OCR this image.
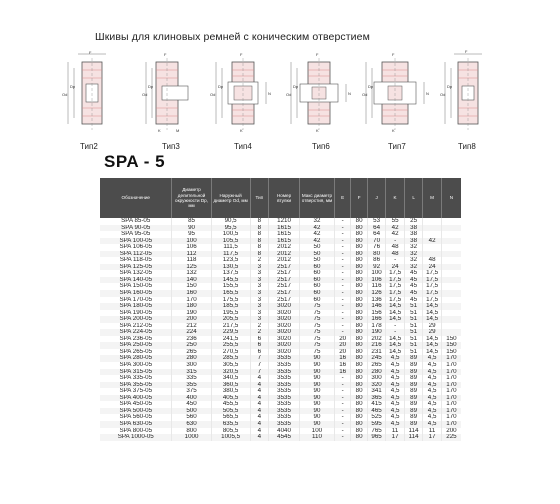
Шкивы для клиновых ремней с коническим отверстием
F
Od
Dp
Тип2
F
Od
Dp
K	M
Тип3
F
Od
Dp
N
K
Тип4
F
Od
Dp
N
K
Тип6
F
Od
Dp
N
K
Тип7
F
Od
Dp
Тип8
SPA - 5
Обозначение	Диаметр делительной окружности Dp, мм	Наружный диаметр Od, мм	Тип	Номер втулки	Макс диаметр отверстия, мм	E	F	J	K	L	M	N
SPA 85-05	85	90,5	8	1210	32	-	80	53	55	25		
SPA 90-05	90	95,5	8	1615	42	-	80	64	42	38		
SPA 95-05	95	100,5	8	1615	42	-	80	64	42	38		
SPA 100-05	100	105,5	8	1615	42	-	80	70	-	38	42	
SPA 106-05	106	111,5	8	2012	50	-	80	76	48	32		
SPA 112-05	112	117,5	8	2012	50	-	80	80	48	32		
SPA 118-05	118	123,5	2	2012	50	-	80	86	-	32	48	
SPA 125-05	125	130,5	3	2517	60	-	80	92	24	32	24	
SPA 132-05	132	137,5	3	2517	60	-	80	100	17,5	45	17,5	
SPA 140-05	140	145,5	3	2517	60	-	80	106	17,5	45	17,5	
SPA 150-05	150	155,5	3	2517	60	-	80	116	17,5	45	17,5	
SPA 160-05	160	165,5	3	2517	60	-	80	126	17,5	45	17,5	
SPA 170-05	170	175,5	3	2517	60	-	80	136	17,5	45	17,5	
SPA 180-05	180	185,5	3	3020	75	-	80	146	14,5	51	14,5	
SPA 190-05	190	195,5	3	3020	75	-	80	156	14,5	51	14,5	
SPA 200-05	200	205,5	3	3020	75	-	80	166	14,5	51	14,5	
SPA 212-05	212	217,5	2	3020	75	-	80	178	-	51	29	
SPA 224-05	224	229,5	2	3020	75	-	80	190	-	51	29	
SPA 236-05	236	241,5	6	3020	75	20	80	202	14,5	51	14,5	150
SPA 250-05	250	255,5	6	3020	75	20	80	216	14,5	51	14,5	150
SPA 265-05	265	270,5	6	3020	75	20	80	231	14,5	51	14,5	150
SPA 280-05	280	285,5	7	3535	90	16	80	245	4,5	89	4,5	170
SPA 300-05	300	305,5	7	3535	90	16	80	265	4,5	89	4,5	170
SPA 315-05	315	320,5	7	3535	90	16	80	280	4,5	89	4,5	170
SPA 335-05	335	340,5	4	3535	90	-	80	300	4,5	89	4,5	170
SPA 355-05	355	360,5	4	3535	90	-	80	320	4,5	89	4,5	170
SPA 375-05	375	380,5	4	3535	90	-	80	341	4,5	89	4,5	170
SPA 400-05	400	405,5	4	3535	90	-	80	365	4,5	89	4,5	170
SPA 450-05	450	455,5	4	3535	90	-	80	415	4,5	89	4,5	170
SPA 500-05	500	505,5	4	3535	90	-	80	465	4,5	89	4,5	170
SPA 560-05	560	565,5	4	3535	90	-	80	525	4,5	89	4,5	170
SPA 630-05	630	635,5	4	3535	90	-	80	595	4,5	89	4,5	170
SPA 800-05	800	805,5	4	4040	100	-	80	765	11	114	11	200
SPA 1000-05	1000	1005,5	4	4545	110	-	80	965	17	114	17	225
